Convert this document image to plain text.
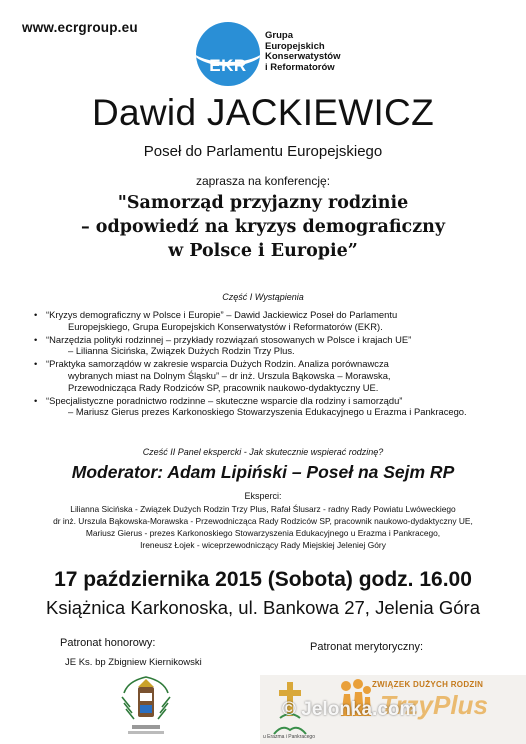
www.ecrgroup.eu
EKR
Grupa
Europejskich
Konserwatystów
i Reformatorów
Dawid JACKIEWICZ
Poseł do Parlamentu Europejskiego
zaprasza na konferencję:
"Samorząd przyjazny rodzinie
– odpowiedź na kryzys demograficzny
w Polsce i Europie”
Część I Wystąpienia
• “Kryzys demograficzny w Polsce i Europie” – Dawid Jackiewicz Poseł do Parlamentu
Europejskiego, Grupa Europejskich Konserwatystów i Reformatorów (EKR).
• “Narzędzia polityki rodzinnej – przykłady rozwiązań stosowanych w Polsce i krajach UE”
– Lilianna Sicińska, Związek Dużych Rodzin Trzy Plus.
• “Praktyka samorządów w zakresie wsparcia Dużych Rodzin. Analiza porównawcza
wybranych miast na Dolnym Śląsku” – dr inż. Urszula Bąkowska – Morawska,
Przewodnicząca Rady Rodziców SP, pracownik naukowo-dydaktyczny UE.
• “Specjalistyczne poradnictwo rodzinne – skuteczne wsparcie dla rodziny i samorządu”
– Mariusz Gierus prezes Karkonoskiego Stowarzyszenia Edukacyjnego u Erazma i Pankracego.
Cześć II Panel ekspercki - Jak skutecznie wspierać rodzinę?
Moderator: Adam Lipiński – Poseł na Sejm RP
Eksperci:
Lilianna Sicińska - Związek Dużych Rodzin Trzy Plus, Rafał Ślusarz - radny Rady Powiatu Lwóweckiego
dr inż. Urszula Bąkowska-Morawska - Przewodnicząca Rady Rodziców SP, pracownik naukowo-dydaktyczny UE,
Mariusz Gierus - prezes Karkonoskiego Stowarzyszenia Edukacyjnego u Erazma i Pankracego,
Ireneusz Łojek - wiceprzewodniczący Rady Miejskiej Jeleniej Góry
17 października 2015 (Sobota) godz. 16.00
Książnica Karkonoska, ul. Bankowa 27, Jelenia Góra
Patronat honorowy:
JE Ks. bp Zbigniew Kiernikowski
Patronat merytoryczny:
u Erazma i Pankracego
ZWIĄZEK DUŻYCH RODZIN
TrzyPlus
© Jelonka.com
